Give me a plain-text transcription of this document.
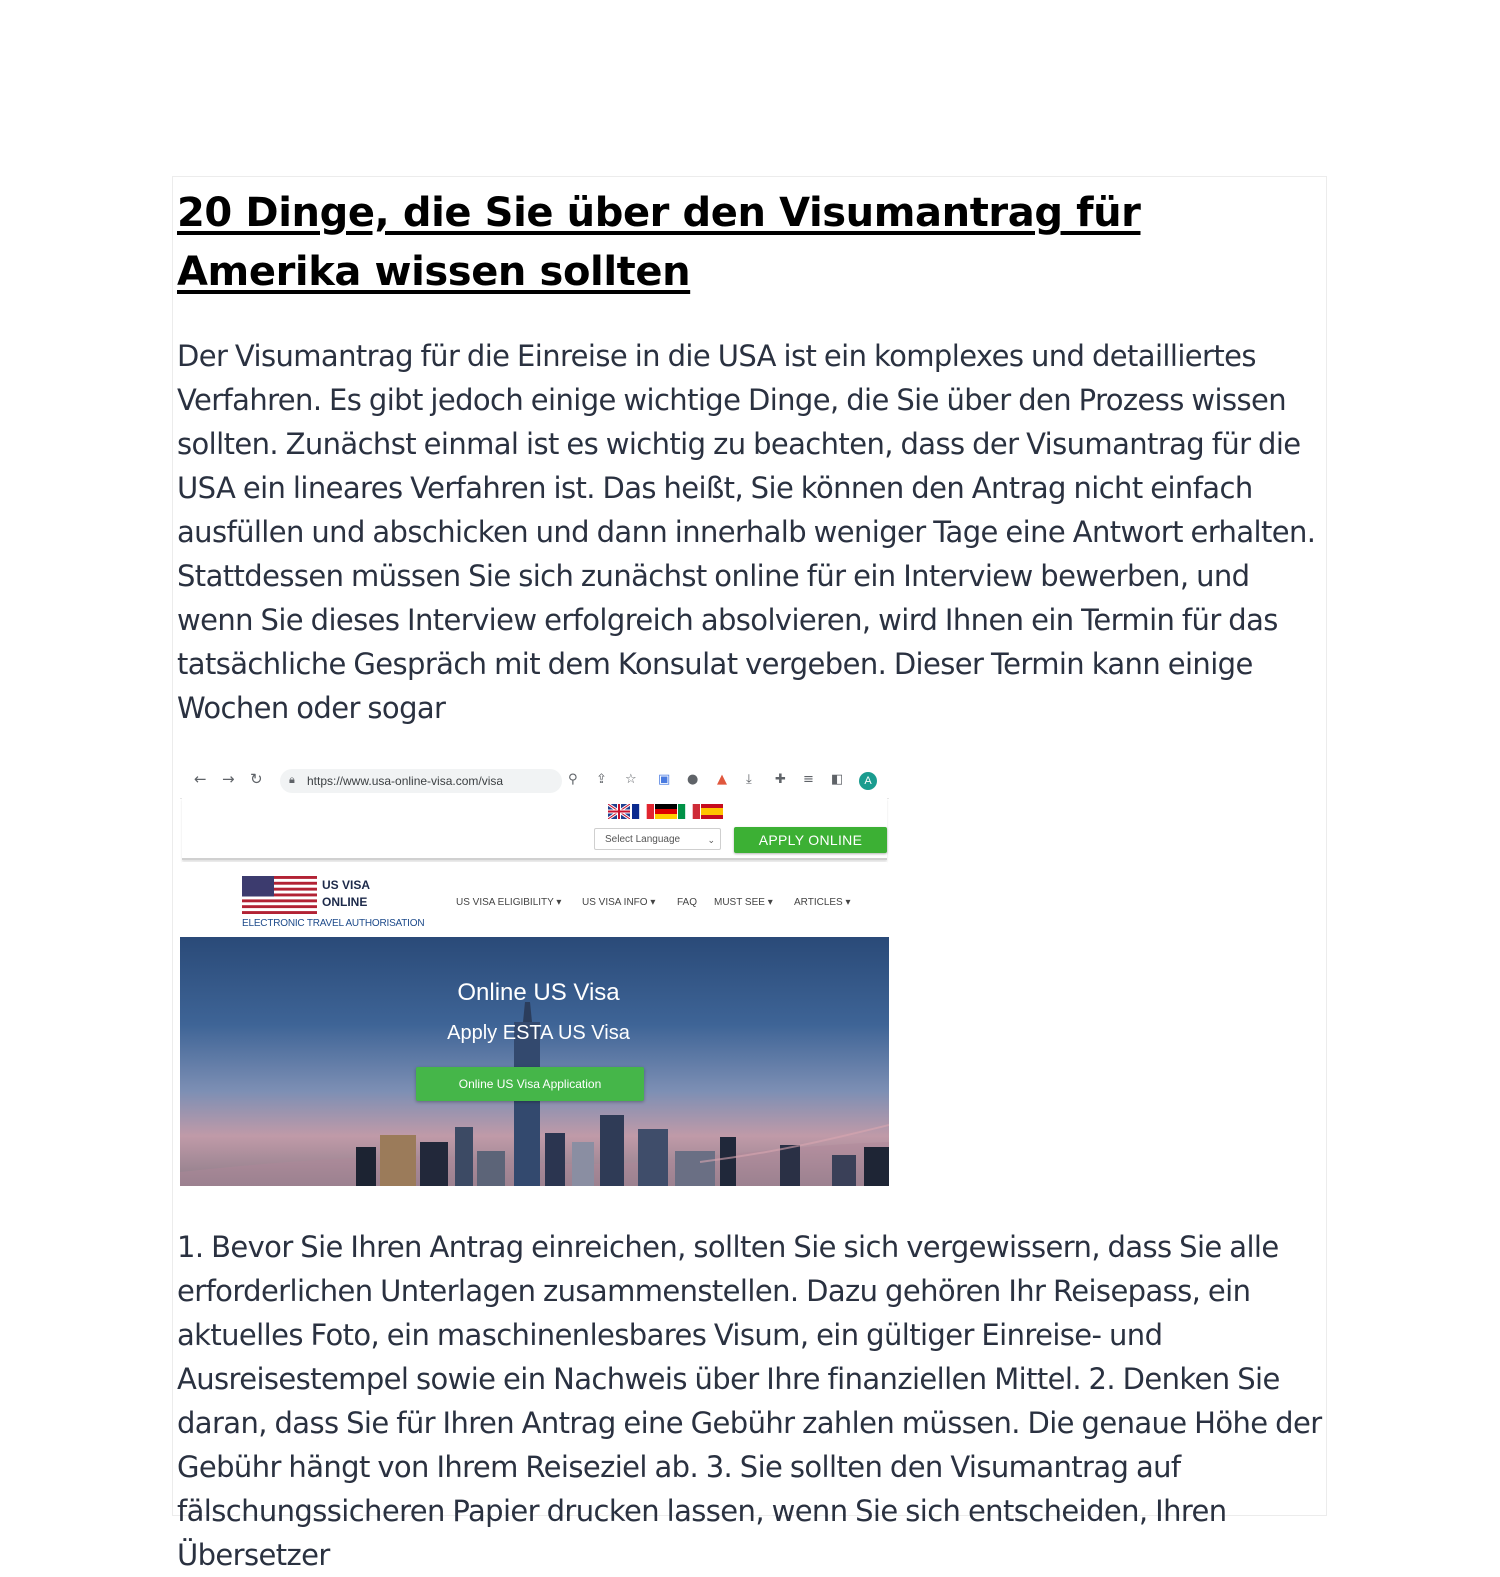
20 Dinge, die Sie über den Visumantrag für Amerika wissen sollten

Der Visumantrag für die Einreise in die USA ist ein komplexes und detailliertes Verfahren. Es gibt jedoch einige wichtige Dinge, die Sie über den Prozess wissen sollten. Zunächst einmal ist es wichtig zu beachten, dass der Visumantrag für die USA ein lineares Verfahren ist. Das heißt, Sie können den Antrag nicht einfach ausfüllen und abschicken und dann innerhalb weniger Tage eine Antwort erhalten. Stattdessen müssen Sie sich zunächst online für ein Interview bewerben, und wenn Sie dieses Interview erfolgreich absolvieren, wird Ihnen ein Termin für das tatsächliche Gespräch mit dem Konsulat vergeben. Dieser Termin kann einige Wochen oder sogar

← → ↻ 🔒︎ https://www.usa-online-visa.com/visa	⚲ ⇪ ☆ ▣ ● ▲ ⤓ ✚ ≡ ◧	A
Select Language	⌄	APPLY ONLINE
US VISA
ONLINE
ELECTRONIC TRAVEL AUTHORISATION
US VISA ELIGIBILITY ▾ US VISA INFO ▾ FAQ MUST SEE ▾ ARTICLES ▾
Online US Visa
Apply ESTA US Visa
Online US Visa Application

1. Bevor Sie Ihren Antrag einreichen, sollten Sie sich vergewissern, dass Sie alle erforderlichen Unterlagen zusammenstellen. Dazu gehören Ihr Reisepass, ein aktuelles Foto, ein maschinenlesbares Visum, ein gültiger Einreise- und Ausreisestempel sowie ein Nachweis über Ihre finanziellen Mittel. 2. Denken Sie daran, dass Sie für Ihren Antrag eine Gebühr zahlen müssen. Die genaue Höhe der Gebühr hängt von Ihrem Reiseziel ab. 3. Sie sollten den Visumantrag auf fälschungssicheren Papier drucken lassen, wenn Sie sich entscheiden, Ihren Übersetzer
